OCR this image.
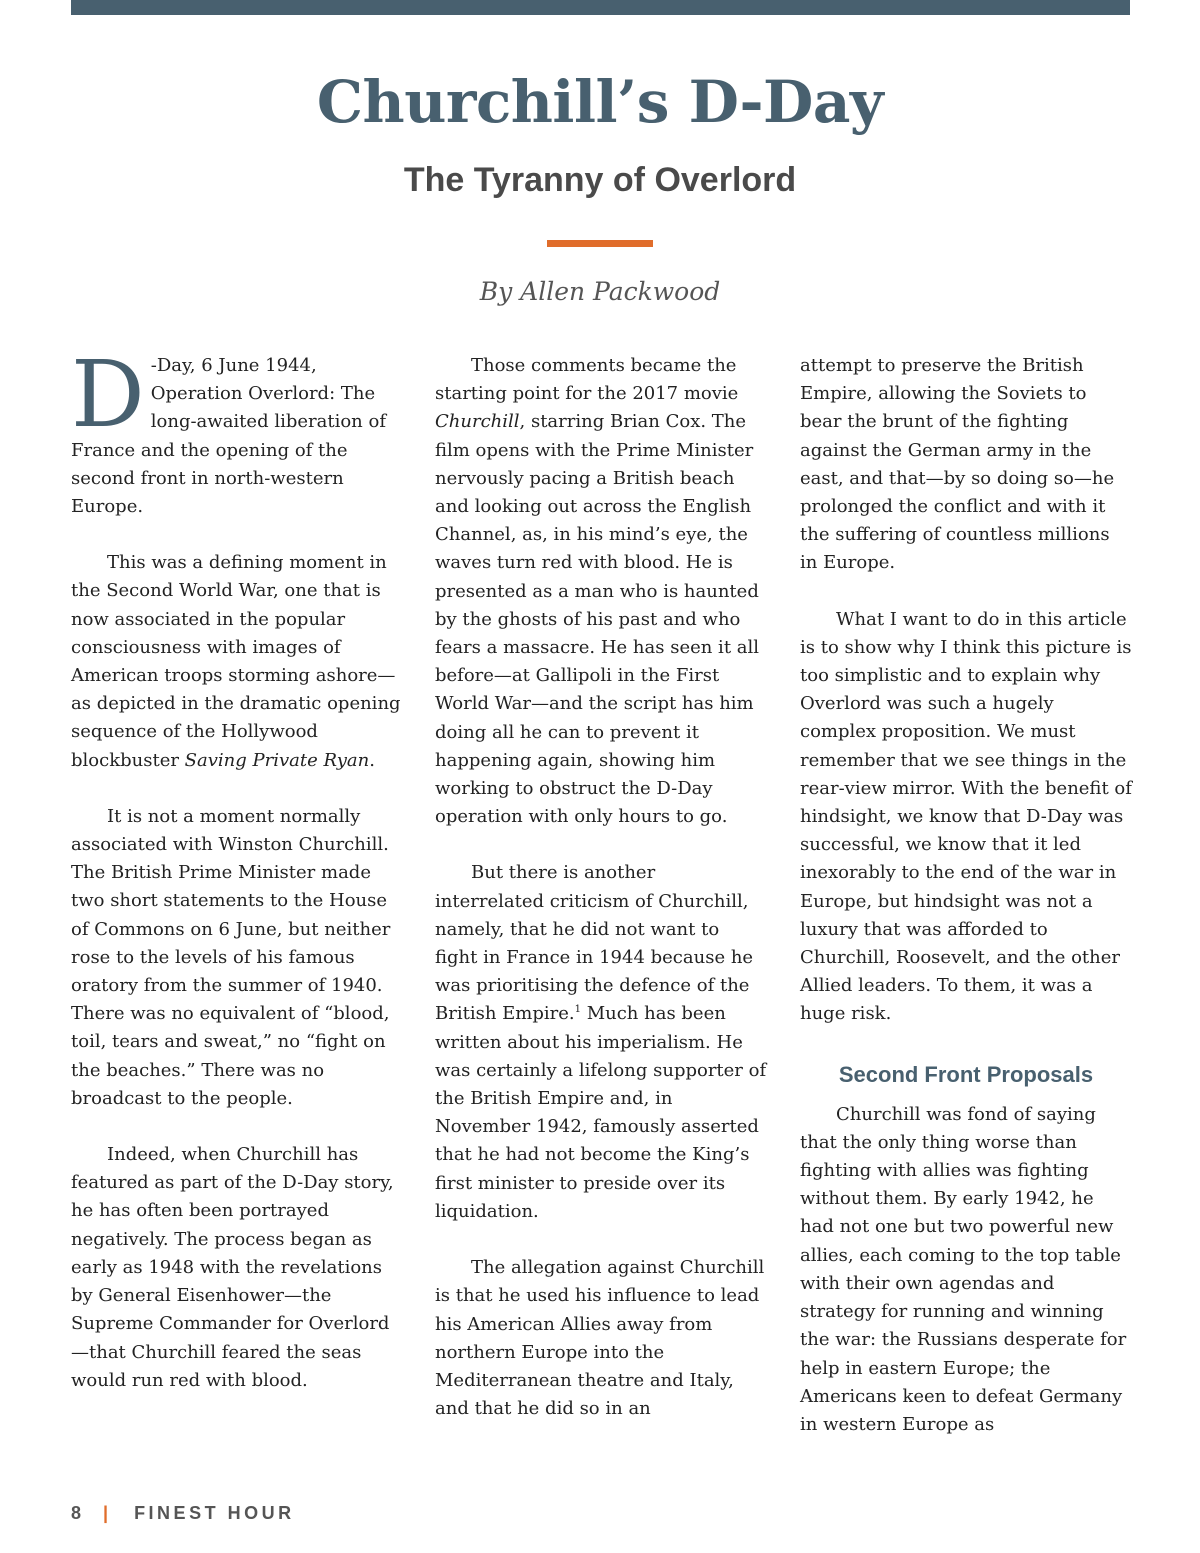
Churchill’s D-Day
The Tyranny of Overlord

By Allen Packwood

D -Day, 6 June 1944, Operation Overlord: The long-awaited liberation of France and the opening of the second front in north-western Europe.

This was a defining moment in the Second World War, one that is now associated in the popular consciousness with images of American troops storming ashore—as depicted in the dramatic opening sequence of the Hollywood blockbuster Saving Private Ryan.

It is not a moment normally associated with Winston Churchill. The British Prime Minister made two short statements to the House of Commons on 6 June, but neither rose to the levels of his famous oratory from the summer of 1940. There was no equivalent of “blood, toil, tears and sweat,” no “fight on the beaches.” There was no broadcast to the people.

Indeed, when Churchill has featured as part of the D-Day story, he has often been portrayed negatively. The process began as early as 1948 with the revelations by General Eisenhower—the Supreme Commander for Overlord—that Churchill feared the seas would run red with blood.

Those comments became the starting point for the 2017 movie Churchill, starring Brian Cox. The film opens with the Prime Minister nervously pacing a British beach and looking out across the English Channel, as, in his mind’s eye, the waves turn red with blood. He is presented as a man who is haunted by the ghosts of his past and who fears a massacre. He has seen it all before—at Gallipoli in the First World War—and the script has him doing all he can to prevent it happening again, showing him working to obstruct the D-Day operation with only hours to go.

But there is another interrelated criticism of Churchill, namely, that he did not want to fight in France in 1944 because he was prioritising the defence of the British Empire.$^1$ Much has been written about his imperialism. He was certainly a lifelong supporter of the British Empire and, in November 1942, famously asserted that he had not become the King’s first minister to preside over its liquidation.

The allegation against Churchill is that he used his influence to lead his American Allies away from northern Europe into the Mediterranean theatre and Italy, and that he did so in an

attempt to preserve the British Empire, allowing the Soviets to bear the brunt of the fighting against the German army in the east, and that—by so doing so—he prolonged the conflict and with it the suffering of countless millions in Europe.

What I want to do in this article is to show why I think this picture is too simplistic and to explain why Overlord was such a hugely complex proposition. We must remember that we see things in the rear-view mirror. With the benefit of hindsight, we know that D-Day was successful, we know that it led inexorably to the end of the war in Europe, but hindsight was not a luxury that was afforded to Churchill, Roosevelt, and the other Allied leaders. To them, it was a huge risk.

Second Front Proposals

Churchill was fond of saying that the only thing worse than fighting with allies was fighting without them. By early 1942, he had not one but two powerful new allies, each coming to the top table with their own agendas and strategy for running and winning the war: the Russians desperate for help in eastern Europe; the Americans keen to defeat Germany in western Europe as

8 | FINEST HOUR
